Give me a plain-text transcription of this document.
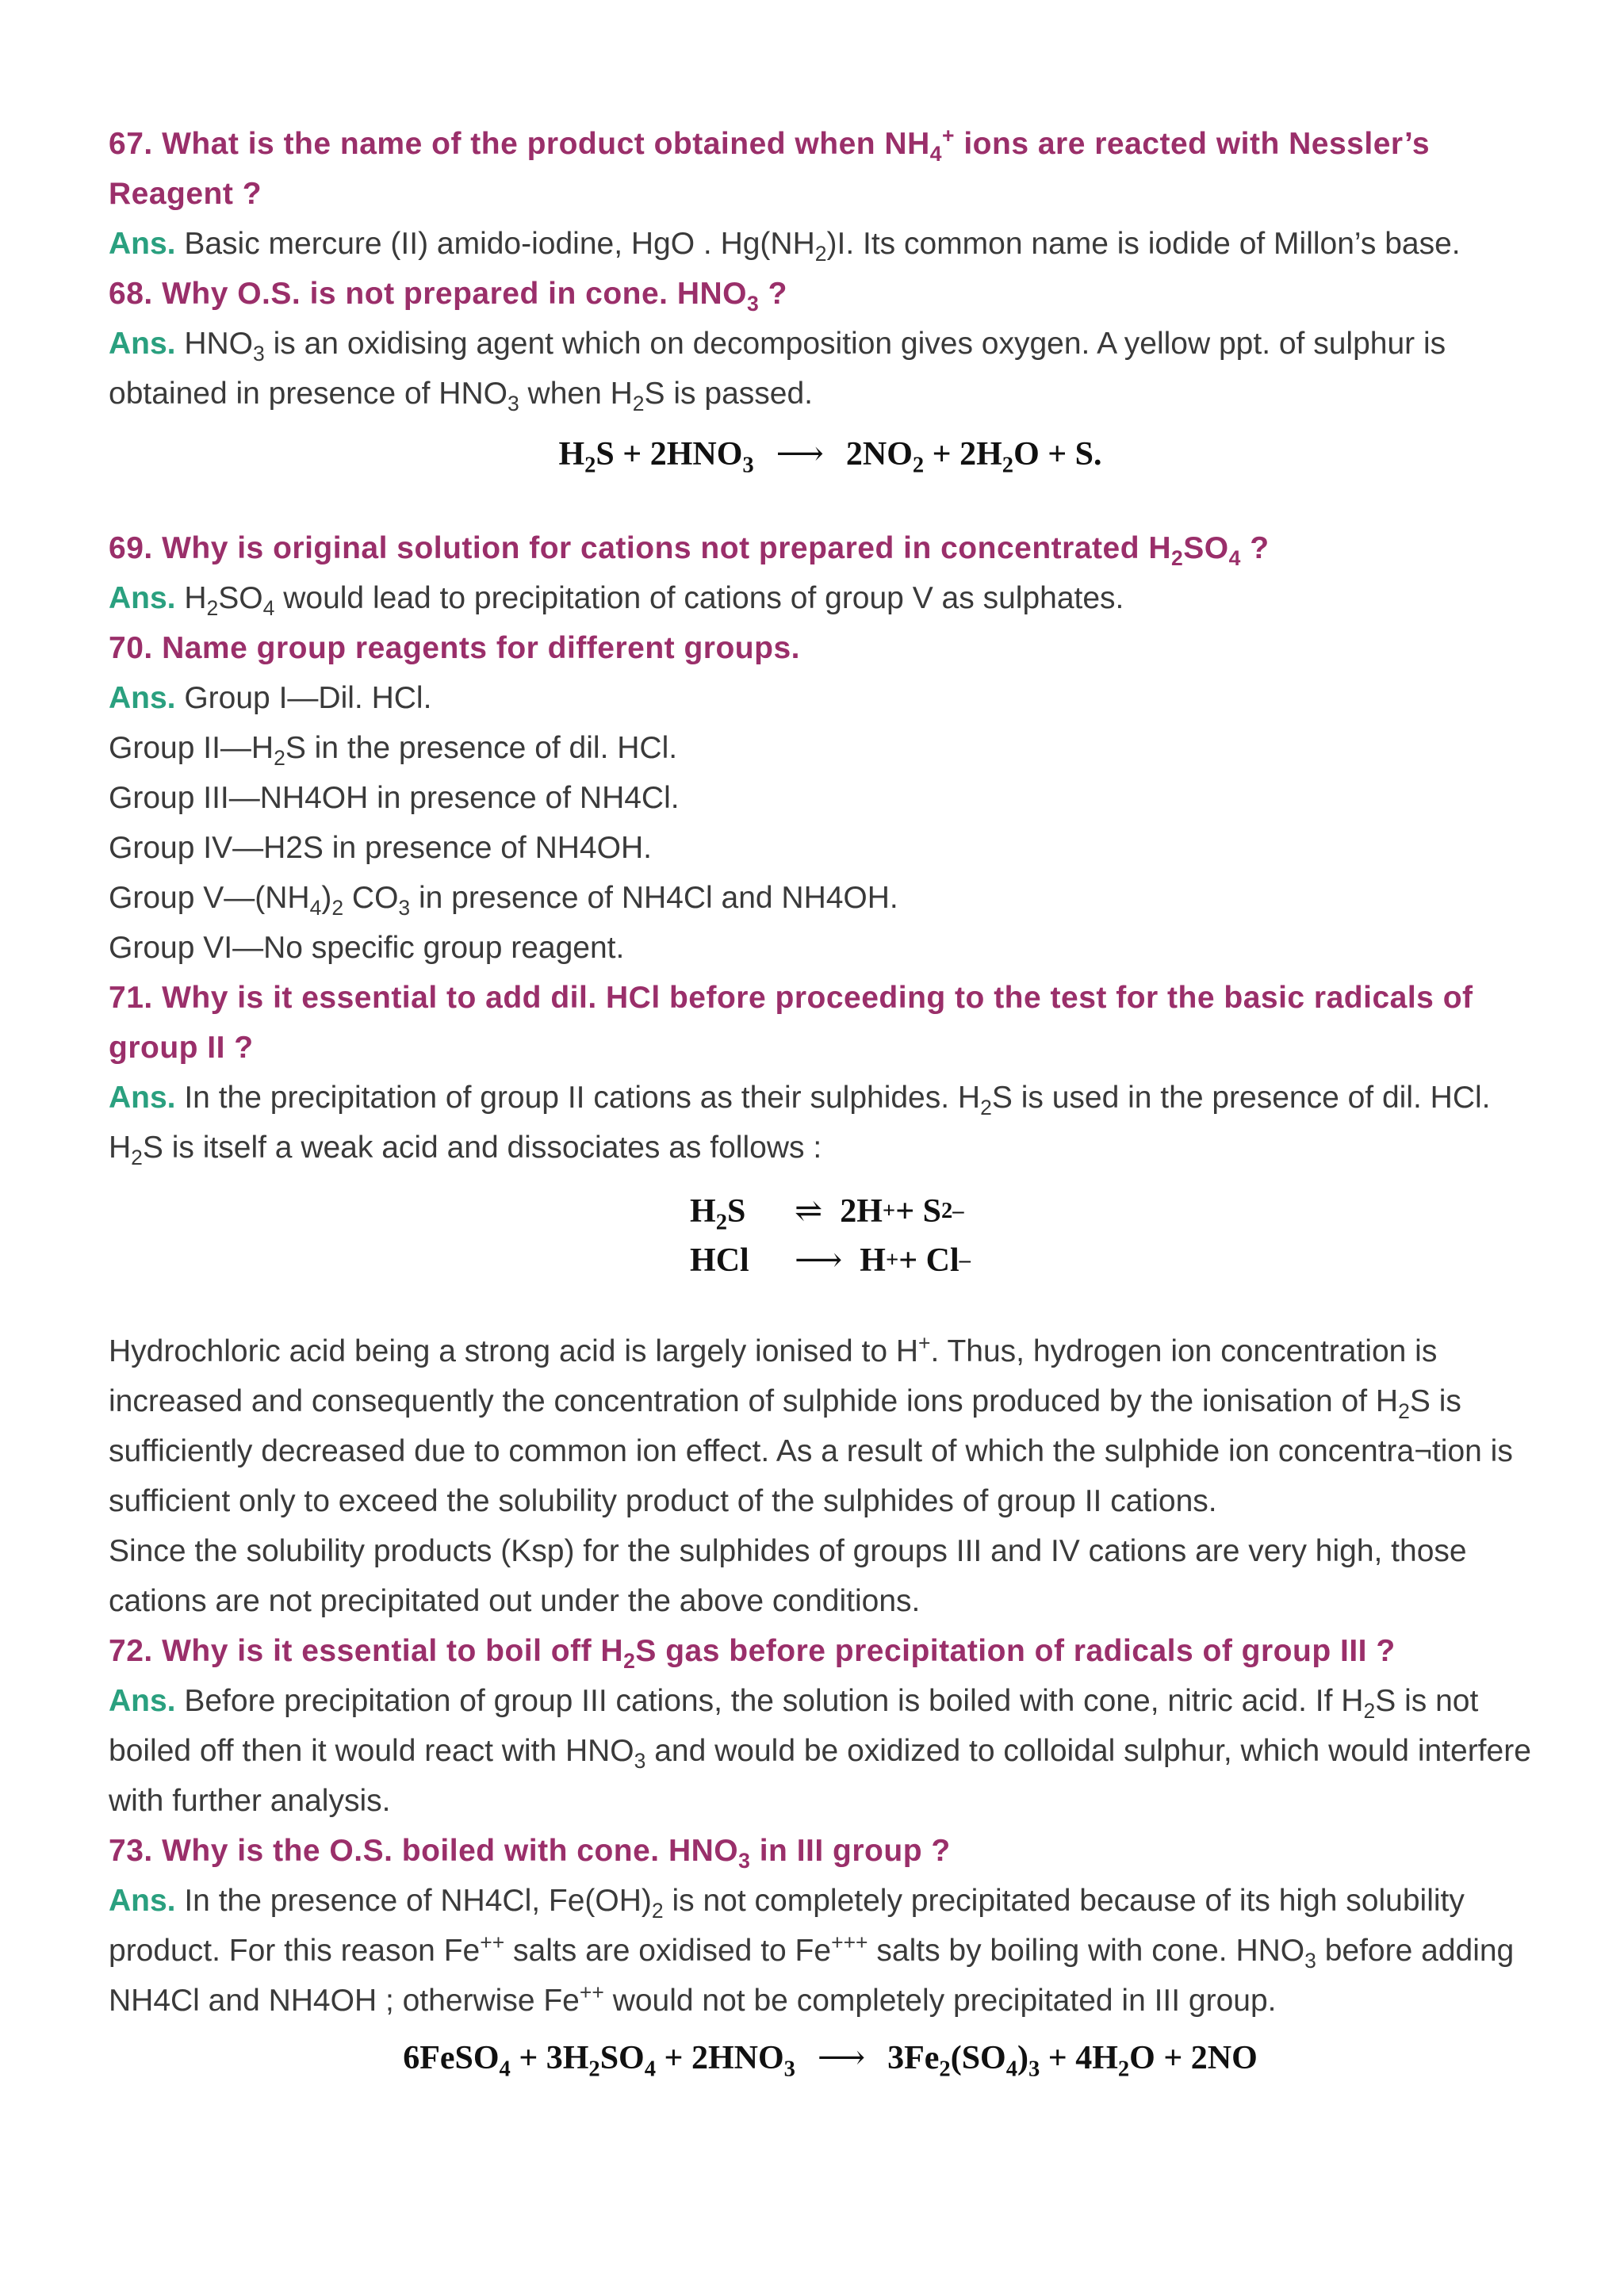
67. What is the name of the product obtained when $NH_4^+$ ions are reacted with Nessler’s Reagent ?

Ans. Basic mercure (II) amido-iodine, HgO . $Hg(NH_2)I$. Its common name is iodide of Millon’s base.

68. Why O.S. is not prepared in cone. $HNO_3$ ?

Ans. $HNO_3$ is an oxidising agent which on decomposition gives oxygen. A yellow ppt. of sulphur is obtained in presence of $HNO_3$ when $H_2S$ is passed.

$H_2S + 2HNO_3$ ⟶ $2NO_2 + 2H_2O + S$.

69. Why is original solution for cations not prepared in concentrated $H_2SO_4$ ?

Ans. $H_2SO_4$ would lead to precipitation of cations of group V as sulphates.

70. Name group reagents for different groups.

Ans. Group I—Dil. HCl.

Group $II—H_2S$ in the presence of dil. HCl.

Group III—NH4OH in presence of NH4Cl.

Group IV—H2S in presence of NH4OH.

Group $V—(NH_4)_2$ $CO_3$ in presence of NH4Cl and NH4OH.

Group VI—No specific group reagent.

71. Why is it essential to add dil. HCl before proceeding to the test for the basic radicals of group II ?

Ans. In the precipitation of group II cations as their sulphides. $H_2S$ is used in the presence of dil. HCl. $H_2S$ is itself a weak acid and dissociates as follows :

$H_2S$	⇌ 2H + + S 2–
HCl	⟶ H + + Cl –

Hydrochloric acid being a strong acid is largely ionised to H+. Thus, hydrogen ion concentration is increased and consequently the concentration of sulphide ions produced by the ionisation of $H_2S$ is sufficiently decreased due to common ion effect. As a result of which the sulphide ion concentra¬tion is sufficient only to exceed the solubility product of the sulphides of group II cations.

Since the solubility products (Ksp) for the sulphides of groups III and IV cations are very high, those cations are not precipitated out under the above conditions.

72. Why is it essential to boil off $H_2S$ gas before precipitation of radicals of group III ?

Ans. Before precipitation of group III cations, the solution is boiled with cone, nitric acid. If $H_2S$ is not boiled off then it would react with $HNO_3$ and would be oxidized to colloidal sulphur, which would interfere with further analysis.

73. Why is the O.S. boiled with cone. $HNO_3$ in III group ?

Ans. In the presence of NH4Cl, $Fe(OH)_2$ is not completely precipitated because of its high solubility product. For this reason Fe++ salts are oxidised to Fe+++ salts by boiling with cone. $HNO_3$ before adding NH4Cl and NH4OH ; otherwise Fe++ would not be completely precipitated in III group.

6FeSO$_4$ + $3H_2SO_4 + 2HNO_3$ ⟶ $3Fe_2(SO_4)_3 + 4H_2O + 2NO$
